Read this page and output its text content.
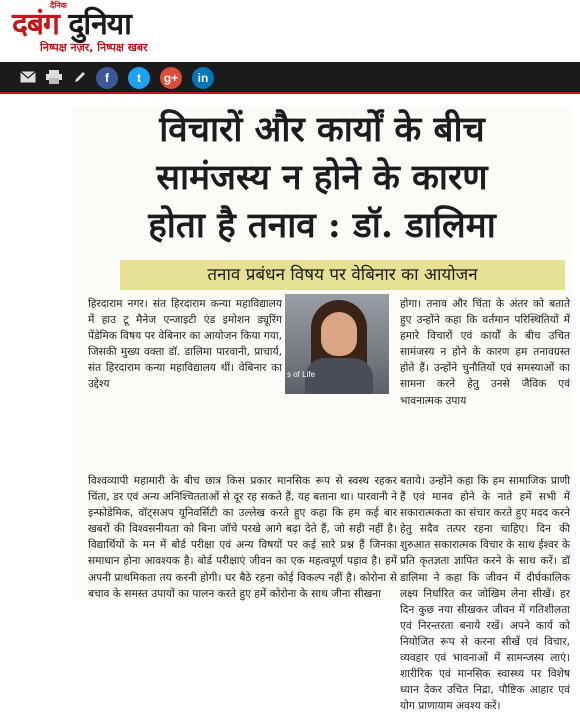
दबंग दुनिया
दैनिक
निष्पक्ष नज़र, निष्पक्ष खबर
f	t	g+	in
विचारों और कार्यों के बीच
सामंजस्य न होने के कारण
होता है तनाव : डॉ. डालिमा
तनाव प्रबंधन विषय पर वेबिनार का आयोजन
s of Life
हिरदाराम नगर। संत हिरदाराम कन्या महाविद्यालय में हाउ टू मैनेज एन्जाइटी एंड इमोशन ड्यूरिंग पेंडेमिक विषय पर वेबिनार का आयोजन किया गया, जिसकी मुख्य वक्ता डॉ. डालिमा पारवानी, प्राचार्य, संत हिरदाराम कन्या महाविद्यालय थीं। वेबिनार का उद्देश्य
विश्वव्यापी महामारी के बीच छात्र किस प्रकार मानसिक रूप से स्वस्थ रहकर चिंता, डर एवं अन्य अनिश्चितताओं से दूर रह सकते हैं, यह बताना था। पारवानी ने इन्फोडेमिक, वॉट्सअप यूनिवर्सिटी का उल्लेख करते हुए कहा कि हम कई बार खबरों की विश्वसनीयता को बिना जाँचे परखे आगे बढ़ा देते हैं, जो सही नहीं है। विद्यार्थियों के मन में बोर्ड परीक्षा एवं अन्य विषयों पर कई सारे प्रश्न हैं जिनका समाधान होना आवश्यक है। बोर्ड परीक्षाएं जीवन का एक महत्वपूर्ण पड़ाव है। हमें अपनी प्राथमिकता तय करनी होगी। घर बैठे रहना कोई विकल्प नहीं है। कोरोना से बचाव के समस्त उपायों का पालन करते हुए हमें कोरोना के साथ जीना सीखना
होगा। तनाव और चिंता के अंतर को बताते हुए उन्होंने कहा कि वर्तमान परिस्थितियों में हमारे विचारों एवं कार्यों के बीच उचित सामंजस्य न होने के कारण हम तनावग्रस्त होते हैं। उन्होंने चुनौतियों एवं समस्याओं का सामना करने हेतु उनसे जैविक एवं भावनात्मक उपाय
बताये। उन्होंने कहा कि हम सामाजिक प्राणी हैं एवं मानव होने के नाते हमें सभी में सकारात्मकता का संचार करते हुए मदद करने हेतु सदैव तत्पर रहना चाहिए। दिन की शुरुआत सकारात्मक विचार के साथ ईश्वर के प्रति कृतज्ञता ज्ञापित करने के साथ करें। डॉ डालिमा ने कहा कि जीवन में दीर्घकालिक लक्ष्य निर्धारित कर जोखिम लेना सीखें। हर दिन कुछ नया सीखकर जीवन में गतिशीलता एवं निरन्तरता बनाये रखें। अपने कार्य को नियोजित रूप से करना सीखें एवं विचार, व्यवहार एवं भावनाओं में सामन्जस्य लाएं। शारीरिक एवं मानसिक स्वास्थ्य पर विशेष ध्यान देकर उचित निद्रा, पौष्टिक आहार एवं योग प्राणायाम अवश्य करें।
